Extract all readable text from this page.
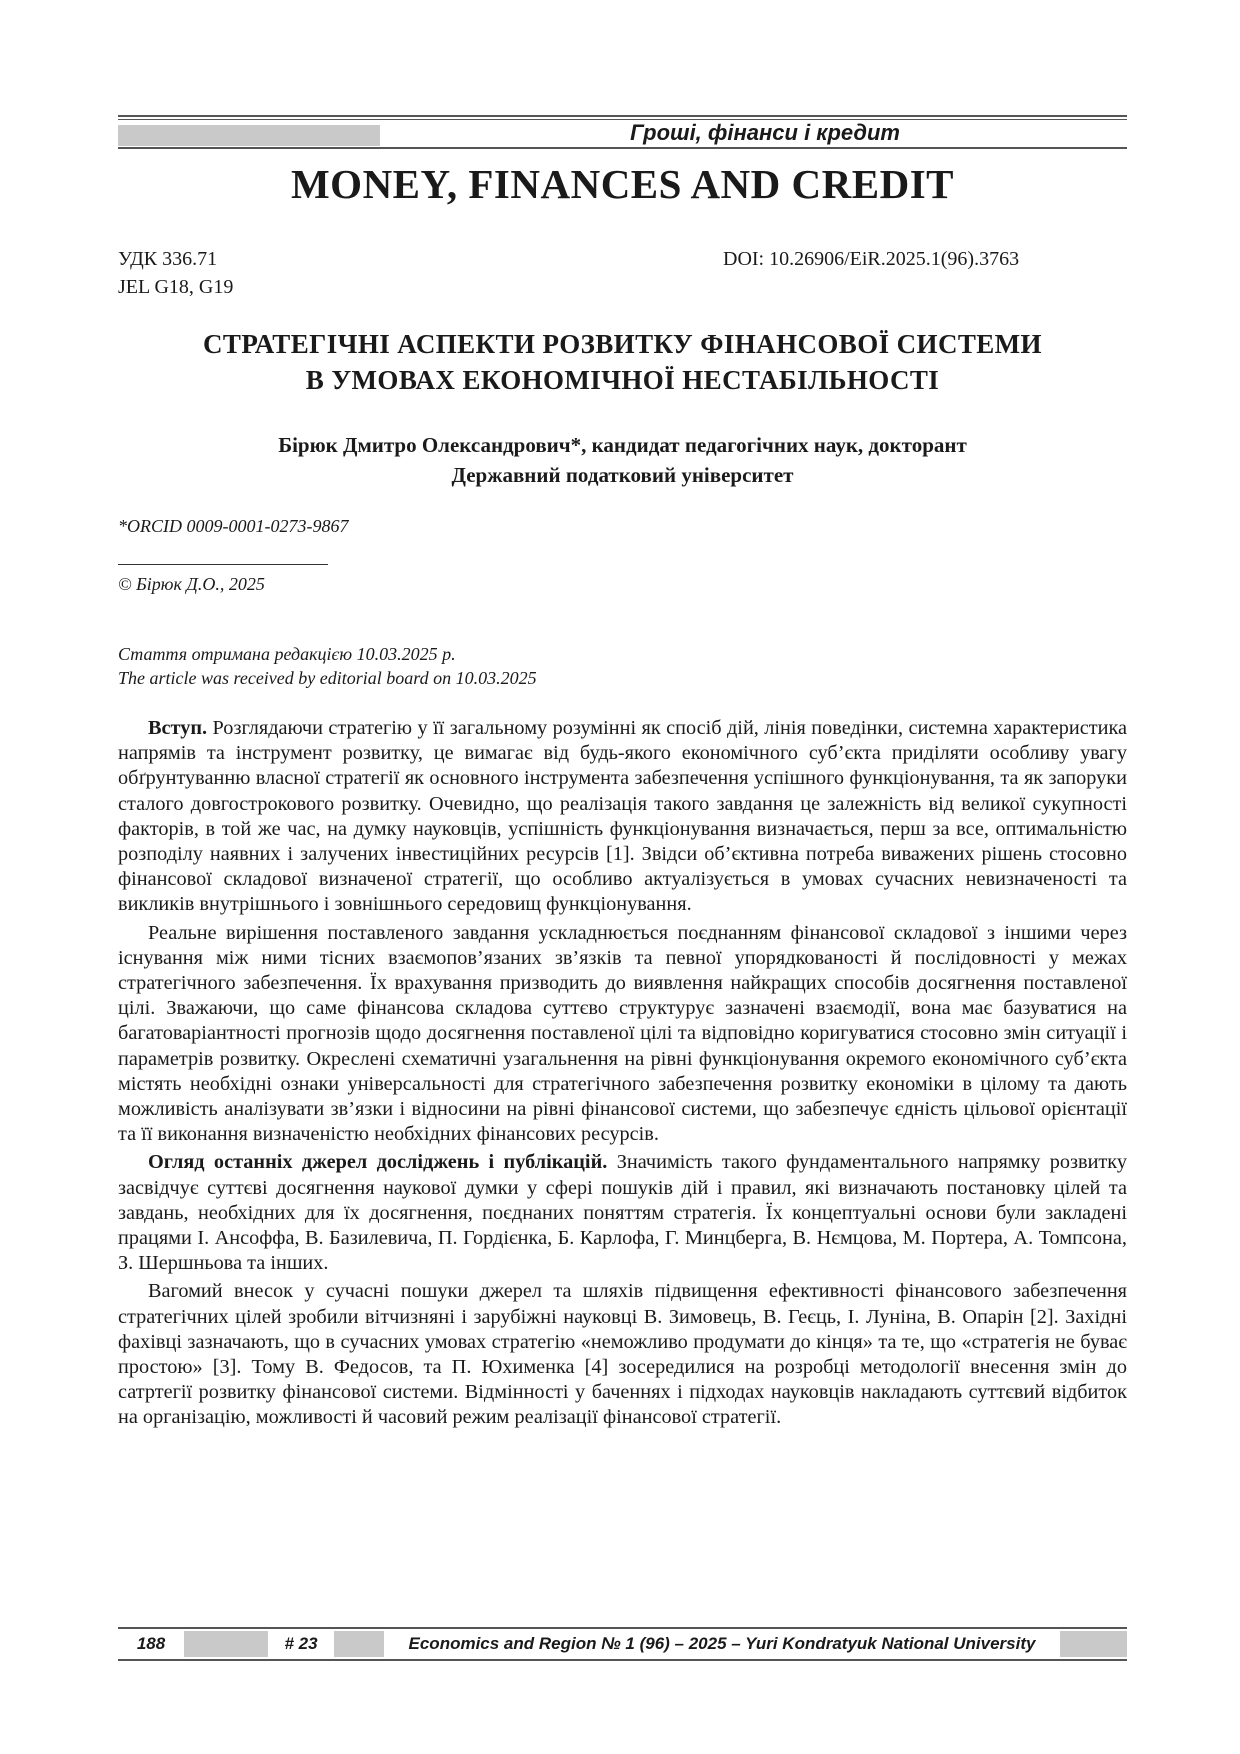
Гроші, фінанси і кредит
MONEY, FINANCES AND CREDIT
УДК 336.71
JEL G18, G19
DOI: 10.26906/EiR.2025.1(96).3763
СТРАТЕГІЧНІ АСПЕКТИ РОЗВИТКУ ФІНАНСОВОЇ СИСТЕМИ
В УМОВАХ ЕКОНОМІЧНОЇ НЕСТАБІЛЬНОСТІ
Бірюк Дмитро Олександрович*, кандидат педагогічних наук, докторант
Державний податковий університет
*ORCID 0009-0001-0273-9867
© Бірюк Д.О., 2025
Стаття отримана редакцією 10.03.2025 р.
The article was received by editorial board on 10.03.2025

Вступ. Розглядаючи стратегію у її загальному розумінні як спосіб дій, лінія поведінки, системна характеристика напрямів та інструмент розвитку, це вимагає від будь-якого економічного суб’єкта приділяти особливу увагу обґрунтуванню власної стратегії як основного інструмента забезпечення успішного функціонування, та як запоруки сталого довгострокового розвитку. Очевидно, що реалізація такого завдання це залежність від великої сукупності факторів, в той же час, на думку науковців, успішність функціонування визначається, перш за все, оптимальністю розподілу наявних і залучених інвестиційних ресурсів [1]. Звідси об’єктивна потреба виважених рішень стосовно фінансової складової визначеної стратегії, що особливо актуалізується в умовах сучасних невизначеності та викликів внутрішнього і зовнішнього середовищ функціонування.

Реальне вирішення поставленого завдання ускладнюється поєднанням фінансової складової з іншими через існування між ними тісних взаємопов’язаних зв’язків та певної упорядкованості й послідовності у межах стратегічного забезпечення. Їх врахування призводить до виявлення найкращих способів досягнення поставленої цілі. Зважаючи, що саме фінансова складова суттєво структурує зазначені взаємодії, вона має базуватися на багатоваріантності прогнозів щодо досягнення поставленої цілі та відповідно коригуватися стосовно змін ситуації і параметрів розвитку. Окреслені схематичні узагальнення на рівні функціонування окремого економічного суб’єкта містять необхідні ознаки універсальності для стратегічного забезпечення розвитку економіки в цілому та дають можливість аналізувати зв’язки і відносини на рівні фінансової системи, що забезпечує єдність цільової орієнтації та її виконання визначеністю необхідних фінансових ресурсів.

Огляд останніх джерел досліджень і публікацій. Значимість такого фундаментального напрямку розвитку засвідчує суттєві досягнення наукової думки у сфері пошуків дій і правил, які визначають постановку цілей та завдань, необхідних для їх досягнення, поєднаних поняттям стратегія. Їх концептуальні основи були закладені працями І. Ансоффа, В. Базилевича, П. Гордієнка, Б. Карлофа, Г. Минцберга, В. Нємцова, М. Портера, А. Томпсона, З. Шершньова та інших.

Вагомий внесок у сучасні пошуки джерел та шляхів підвищення ефективності фінансового забезпечення стратегічних цілей зробили вітчизняні і зарубіжні науковці В. Зимовець, В. Геєць, І. Луніна, В. Опарін [2]. Західні фахівці зазначають, що в сучасних умовах стратегію «неможливо продумати до кінця» та те, що «стратегія не буває простою» [3]. Тому В. Федосов, та П. Юхименка [4] зосередилися на розробці методології внесення змін до сатртегії розвитку фінансової системи. Відмінності у баченнях і підходах науковців накладають суттєвий відбиток на організацію, можливості й часовий режим реалізації фінансової стратегії.

188	# 23	Economics and Region № 1 (96) – 2025 – Yuri Kondratyuk National University
